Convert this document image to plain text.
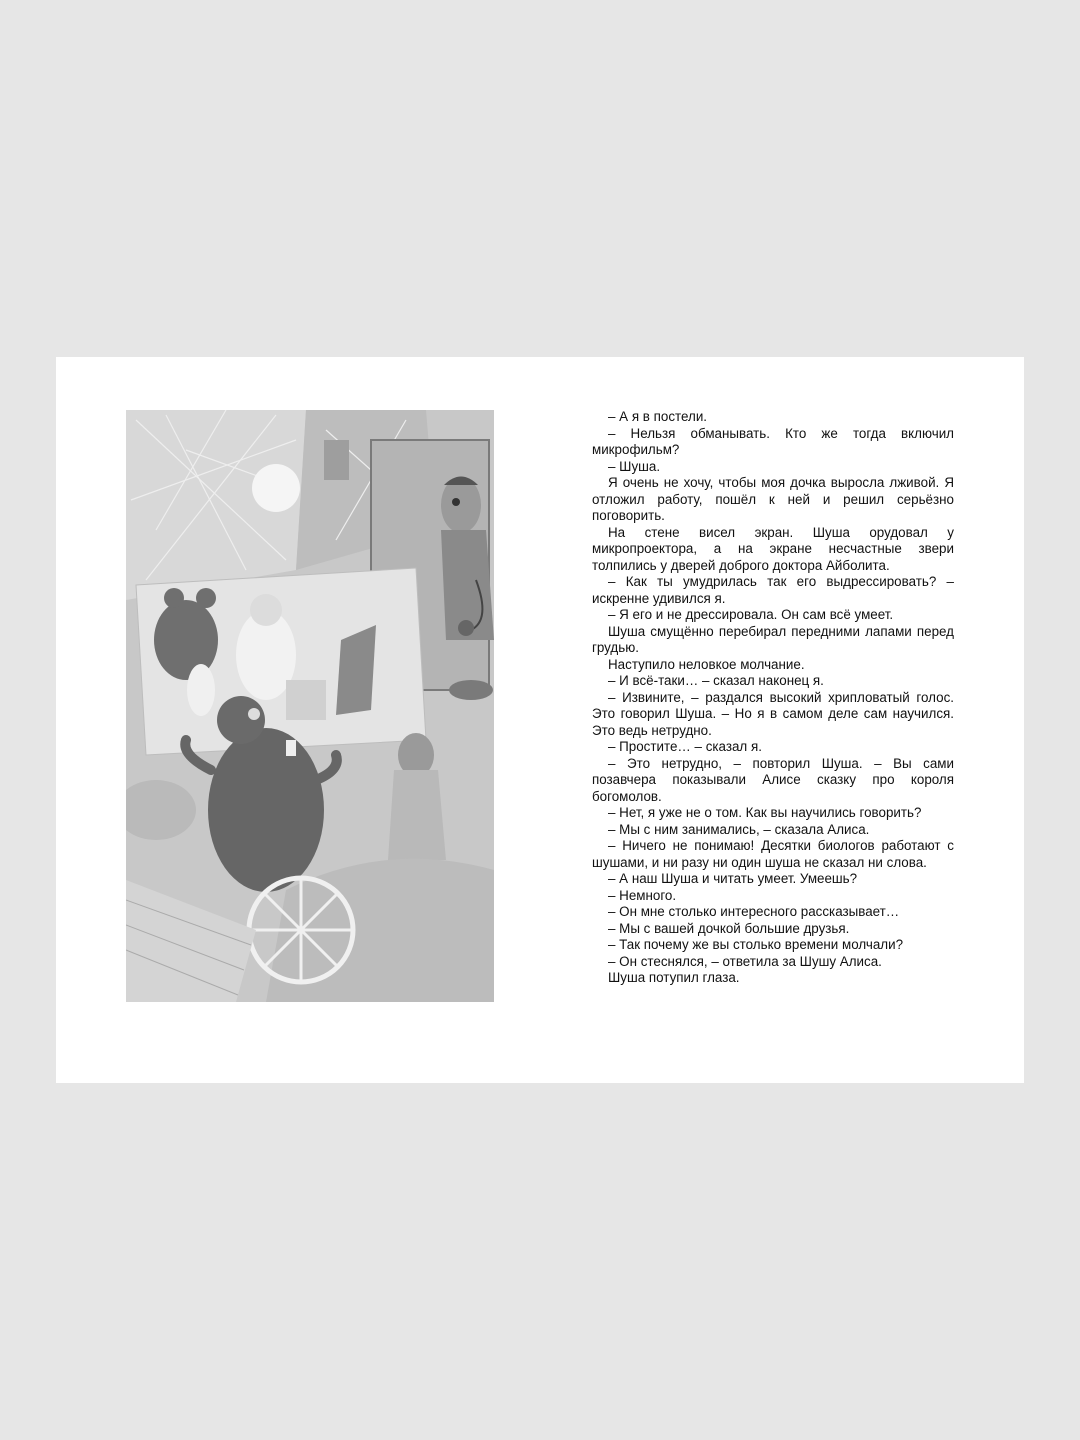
– А я в постели.

– Нельзя обманывать. Кто же тогда включил микрофильм?

– Шуша.

Я очень не хочу, чтобы моя дочка выросла лживой. Я отложил работу, пошёл к ней и решил серьёзно поговорить.

На стене висел экран. Шуша орудовал у микропроектора, а на экране несчастные звери толпились у дверей доброго доктора Айболита.

– Как ты умудрилась так его выдрессировать? – искренне удивился я.

– Я его и не дрессировала. Он сам всё умеет.

Шуша смущённо перебирал передними лапами перед грудью.

Наступило неловкое молчание.

– И всё-таки… – сказал наконец я.

– Извините, – раздался высокий хрипловатый голос. Это говорил Шуша. – Но я в самом деле сам научился. Это ведь нетрудно.

– Простите… – сказал я.

– Это нетрудно, – повторил Шуша. – Вы сами позавчера показывали Алисе сказку про короля богомолов.

– Нет, я уже не о том. Как вы научились говорить?

– Мы с ним занимались, – сказала Алиса.

– Ничего не понимаю! Десятки биологов работают с шушами, и ни разу ни один шуша не сказал ни слова.

– А наш Шуша и читать умеет. Умеешь?

– Немного.

– Он мне столько интересного рассказывает…

– Мы с вашей дочкой большие друзья.

– Так почему же вы столько времени молчали?

– Он стеснялся, – ответила за Шушу Алиса.

Шуша потупил глаза.
